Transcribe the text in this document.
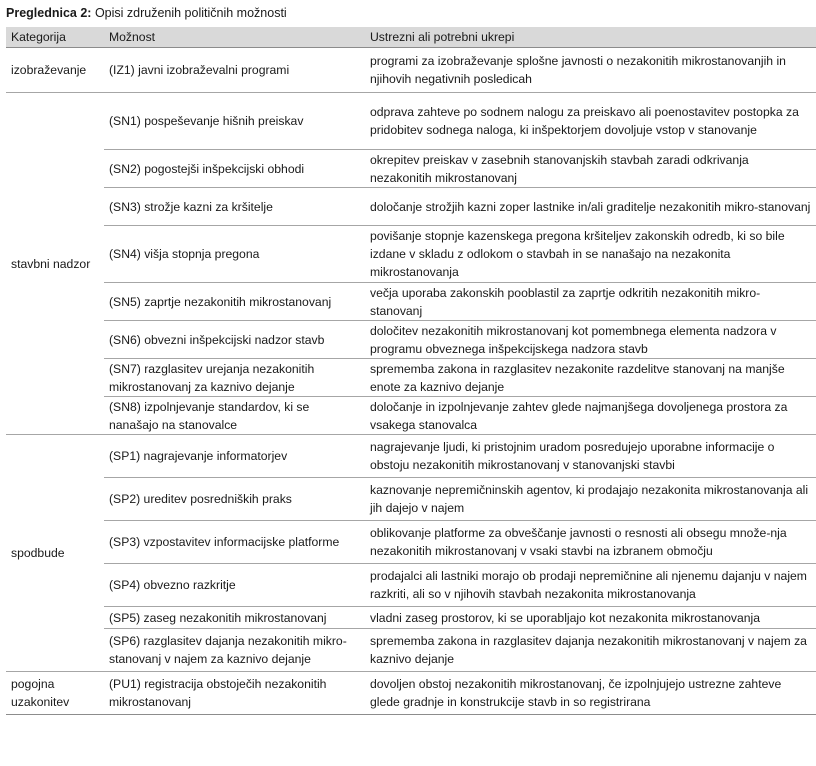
Preglednica 2: Opisi združenih političnih možnosti
Kategorija	Možnost	Ustrezni ali potrebni ukrepi
izobraževanje	(IZ1) javni izobraževalni programi	programi za izobraževanje splošne javnosti o nezakonitih mikrostanovanjih in njihovih negativnih posledicah
stavbni nadzor	(SN1) pospeševanje hišnih preiskav	odprava zahteve po sodnem nalogu za preiskavo ali poenostavitev postopka za pridobitev sodnega naloga, ki inšpektorjem dovoljuje vstop v stanovanje
	(SN2) pogostejši inšpekcijski obhodi	okrepitev preiskav v zasebnih stanovanjskih stavbah zaradi odkrivanja nezakonitih mikrostanovanj
	(SN3) strožje kazni za kršitelje	določanje strožjih kazni zoper lastnike in/ali graditelje nezakonitih mikro-stanovanj
	(SN4) višja stopnja pregona	povišanje stopnje kazenskega pregona kršiteljev zakonskih odredb, ki so bile izdane v skladu z odlokom o stavbah in se nanašajo na nezakonita mikrostanovanja
	(SN5) zaprtje nezakonitih mikrostanovanj	večja uporaba zakonskih pooblastil za zaprtje odkritih nezakonitih mikro-stanovanj
	(SN6) obvezni inšpekcijski nadzor stavb	določitev nezakonitih mikrostanovanj kot pomembnega elementa nadzora v programu obveznega inšpekcijskega nadzora stavb
	(SN7) razglasitev urejanja nezakonitih mikrostanovanj za kaznivo dejanje	sprememba zakona in razglasitev nezakonite razdelitve stanovanj na manjše enote za kaznivo dejanje
	(SN8) izpolnjevanje standardov, ki se nanašajo na stanovalce	določanje in izpolnjevanje zahtev glede najmanjšega dovoljenega prostora za vsakega stanovalca
spodbude	(SP1) nagrajevanje informatorjev	nagrajevanje ljudi, ki pristojnim uradom posredujejo uporabne informacije o obstoju nezakonitih mikrostanovanj v stanovanjski stavbi
	(SP2) ureditev posredniških praks	kaznovanje nepremičninskih agentov, ki prodajajo nezakonita mikrostanovanja ali jih dajejo v najem
	(SP3) vzpostavitev informacijske platforme	oblikovanje platforme za obveščanje javnosti o resnosti ali obsegu množe-nja nezakonitih mikrostanovanj v vsaki stavbi na izbranem območju
	(SP4) obvezno razkritje	prodajalci ali lastniki morajo ob prodaji nepremičnine ali njenemu dajanju v najem razkriti, ali so v njihovih stavbah nezakonita mikrostanovanja
	(SP5) zaseg nezakonitih mikrostanovanj	vladni zaseg prostorov, ki se uporabljajo kot nezakonita mikrostanovanja
	(SP6) razglasitev dajanja nezakonitih mikro-stanovanj v najem za kaznivo dejanje	sprememba zakona in razglasitev dajanja nezakonitih mikrostanovanj v najem za kaznivo dejanje
pogojna uzakonitev	(PU1) registracija obstoječih nezakonitih mikrostanovanj	dovoljen obstoj nezakonitih mikrostanovanj, če izpolnjujejo ustrezne zahteve glede gradnje in konstrukcije stavb in so registrirana
